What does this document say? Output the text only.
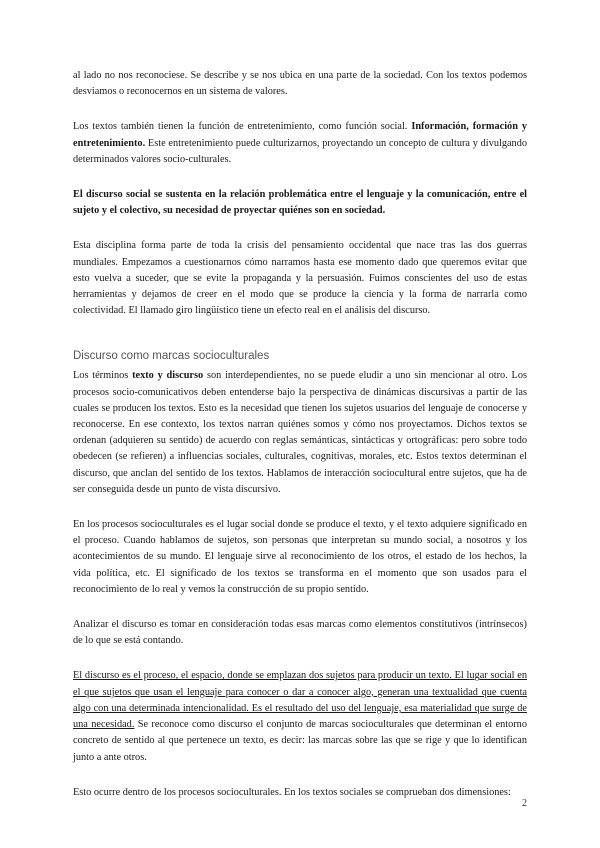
al lado no nos reconociese. Se describe y se nos ubica en una parte de la sociedad. Con los textos podemos desviamos o reconocernos en un sistema de valores.

Los textos también tienen la función de entretenimiento, como función social. Información, formación y entretenimiento. Este entretenimiento puede culturizarnos, proyectando un concepto de cultura y divulgando determinados valores socio-culturales.

El discurso social se sustenta en la relación problemática entre el lenguaje y la comunicación, entre el sujeto y el colectivo, su necesidad de proyectar quiénes son en sociedad.

Esta disciplina forma parte de toda la crisis del pensamiento occidental que nace tras las dos guerras mundiales. Empezamos a cuestionarnos cómo narramos hasta ese momento dado que queremos evitar que esto vuelva a suceder, que se evite la propaganda y la persuasión. Fuimos conscientes del uso de estas herramientas y dejamos de creer en el modo que se produce la ciencia y la forma de narrarla como colectividad. El llamado giro lingüístico tiene un efecto real en el análisis del discurso.

Discurso como marcas socioculturales

Los términos texto y discurso son interdependientes, no se puede eludir a uno sin mencionar al otro. Los procesos socio-comunicativos deben entenderse bajo la perspectiva de dinámicas discursivas a partir de las cuales se producen los textos. Esto es la necesidad que tienen los sujetos usuarios del lenguaje de conocerse y reconocerse. En ese contexto, los textos narran quiénes somos y cómo nos proyectamos. Dichos textos se ordenan (adquieren su sentido) de acuerdo con reglas semánticas, sintácticas y ortográficas: pero sobre todo obedecen (se refieren) a influencias sociales, culturales, cognitivas, morales, etc. Estos textos determinan el discurso, que anclan del sentido de los textos. Hablamos de interacción sociocultural entre sujetos, que ha de ser conseguida desde un punto de vista discursivo.

En los procesos socioculturales es el lugar social donde se produce el texto, y el texto adquiere significado en el proceso. Cuando hablamos de sujetos, son personas que interpretan su mundo social, a nosotros y los acontecimientos de su mundo. El lenguaje sirve al reconocimiento de los otros, el estado de los hechos, la vida política, etc. El significado de los textos se transforma en el momento que son usados para el reconocimiento de lo real y vemos la construcción de su propio sentido.

Analizar el discurso es tomar en consideración todas esas marcas como elementos constitutivos (intrínsecos) de lo que se está contando.

El discurso es el proceso, el espacio, donde se emplazan dos sujetos para producir un texto. El lugar social en el que sujetos que usan el lenguaje para conocer o dar a conocer algo, generan una textualidad que cuenta algo con una determinada intencionalidad. Es el resultado del uso del lenguaje, esa materialidad que surge de una necesidad. Se reconoce como discurso el conjunto de marcas socioculturales que determinan el entorno concreto de sentido al que pertenece un texto, es decir: las marcas sobre las que se rige y que lo identifican junto a ante otros.

Esto ocurre dentro de los procesos socioculturales. En los textos sociales se comprueban dos dimensiones:

2
